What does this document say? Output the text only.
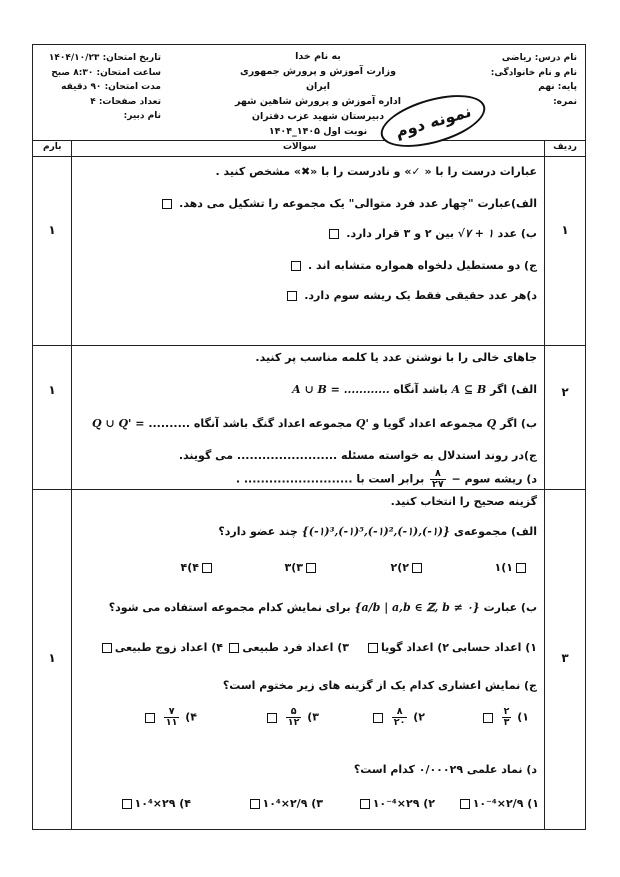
نام درس: ریاضی
نام و نام خانوادگی:
پایه: نهم
نمره:
به نام خدا
وزارت آموزش و پرورش جمهوری ایران
اداره آموزش و پرورش شاهین شهر
دبیرستان شهید عزب دفتران
نوبت اول ۱۴۰۵_۱۴۰۴
تاریخ امتحان: ۱۴۰۴/۱۰/۲۳
ساعت امتحان: ۸:۳۰ صبح
مدت امتحان: ۹۰ دقیقه
تعداد صفحات: ۴
نام دبیر:	نمونه دوم
ردیف
سوالات
بارم
۱
۱
عبارات درست را با « ✓» و نادرست را با «✖» مشخص کنید .
الف)عبارت "چهار عدد فرد متوالی" یک مجموعه را تشکیل می دهد.
ب) عدد √۷ + ۱ بین ۲ و ۳ قرار دارد.
ج) دو مستطیل دلخواه همواره متشابه اند .
د)هر عدد حقیقی فقط یک ریشه سوم دارد.
۲
۱
جاهای خالی را با نوشتن عدد یا کلمه مناسب پر کنید.
الف) اگر A ⊆ B باشد آنگاه A ∪ B = ............
ب) اگر Q مجموعه اعداد گویا و Q' مجموعه اعداد گنگ باشد آنگاه .......... Q ∪ Q' =
ج)در روند استدلال به خواسته مسئله ........................ می گویند.
د) ریشه سوم −
$\frac{۸}{۲۷}$
برابر است با .......................... .
۳
۱
گزینه صحیح را انتخاب کنید.
الف) مجموعه‌ی {(-۱)³,(-۱)⁵,(-۱)²,(-۱),(-۱)} چند عضو دارد؟
۱)۱
۲)۲
۳)۳
۴)۴
ب) عبارت {a/b | a,b ∈ ℤ, b ≠ ۰} برای نمایش کدام مجموعه استفاده می شود؟
۱) اعداد حسابی
۲) اعداد گویا
۳) اعداد فرد طبیعی
۴) اعداد زوج طبیعی
ج) نمایش اعشاری کدام یک از گزینه های زیر مختوم است؟
۱)
$\frac{۲}{۳}$

۲)
$\frac{۸}{۲۰}$

۳)
$\frac{۵}{۱۲}$

۴)
$\frac{۷}{۱۱}$

د) نماد علمی ۰/۰۰۰۲۹ کدام است؟
۱) ۲/۹×۱۰⁻⁴
۲) ۲۹×۱۰⁻⁴
۳) ۲/۹×۱۰⁴
۴) ۲۹×۱۰⁴
